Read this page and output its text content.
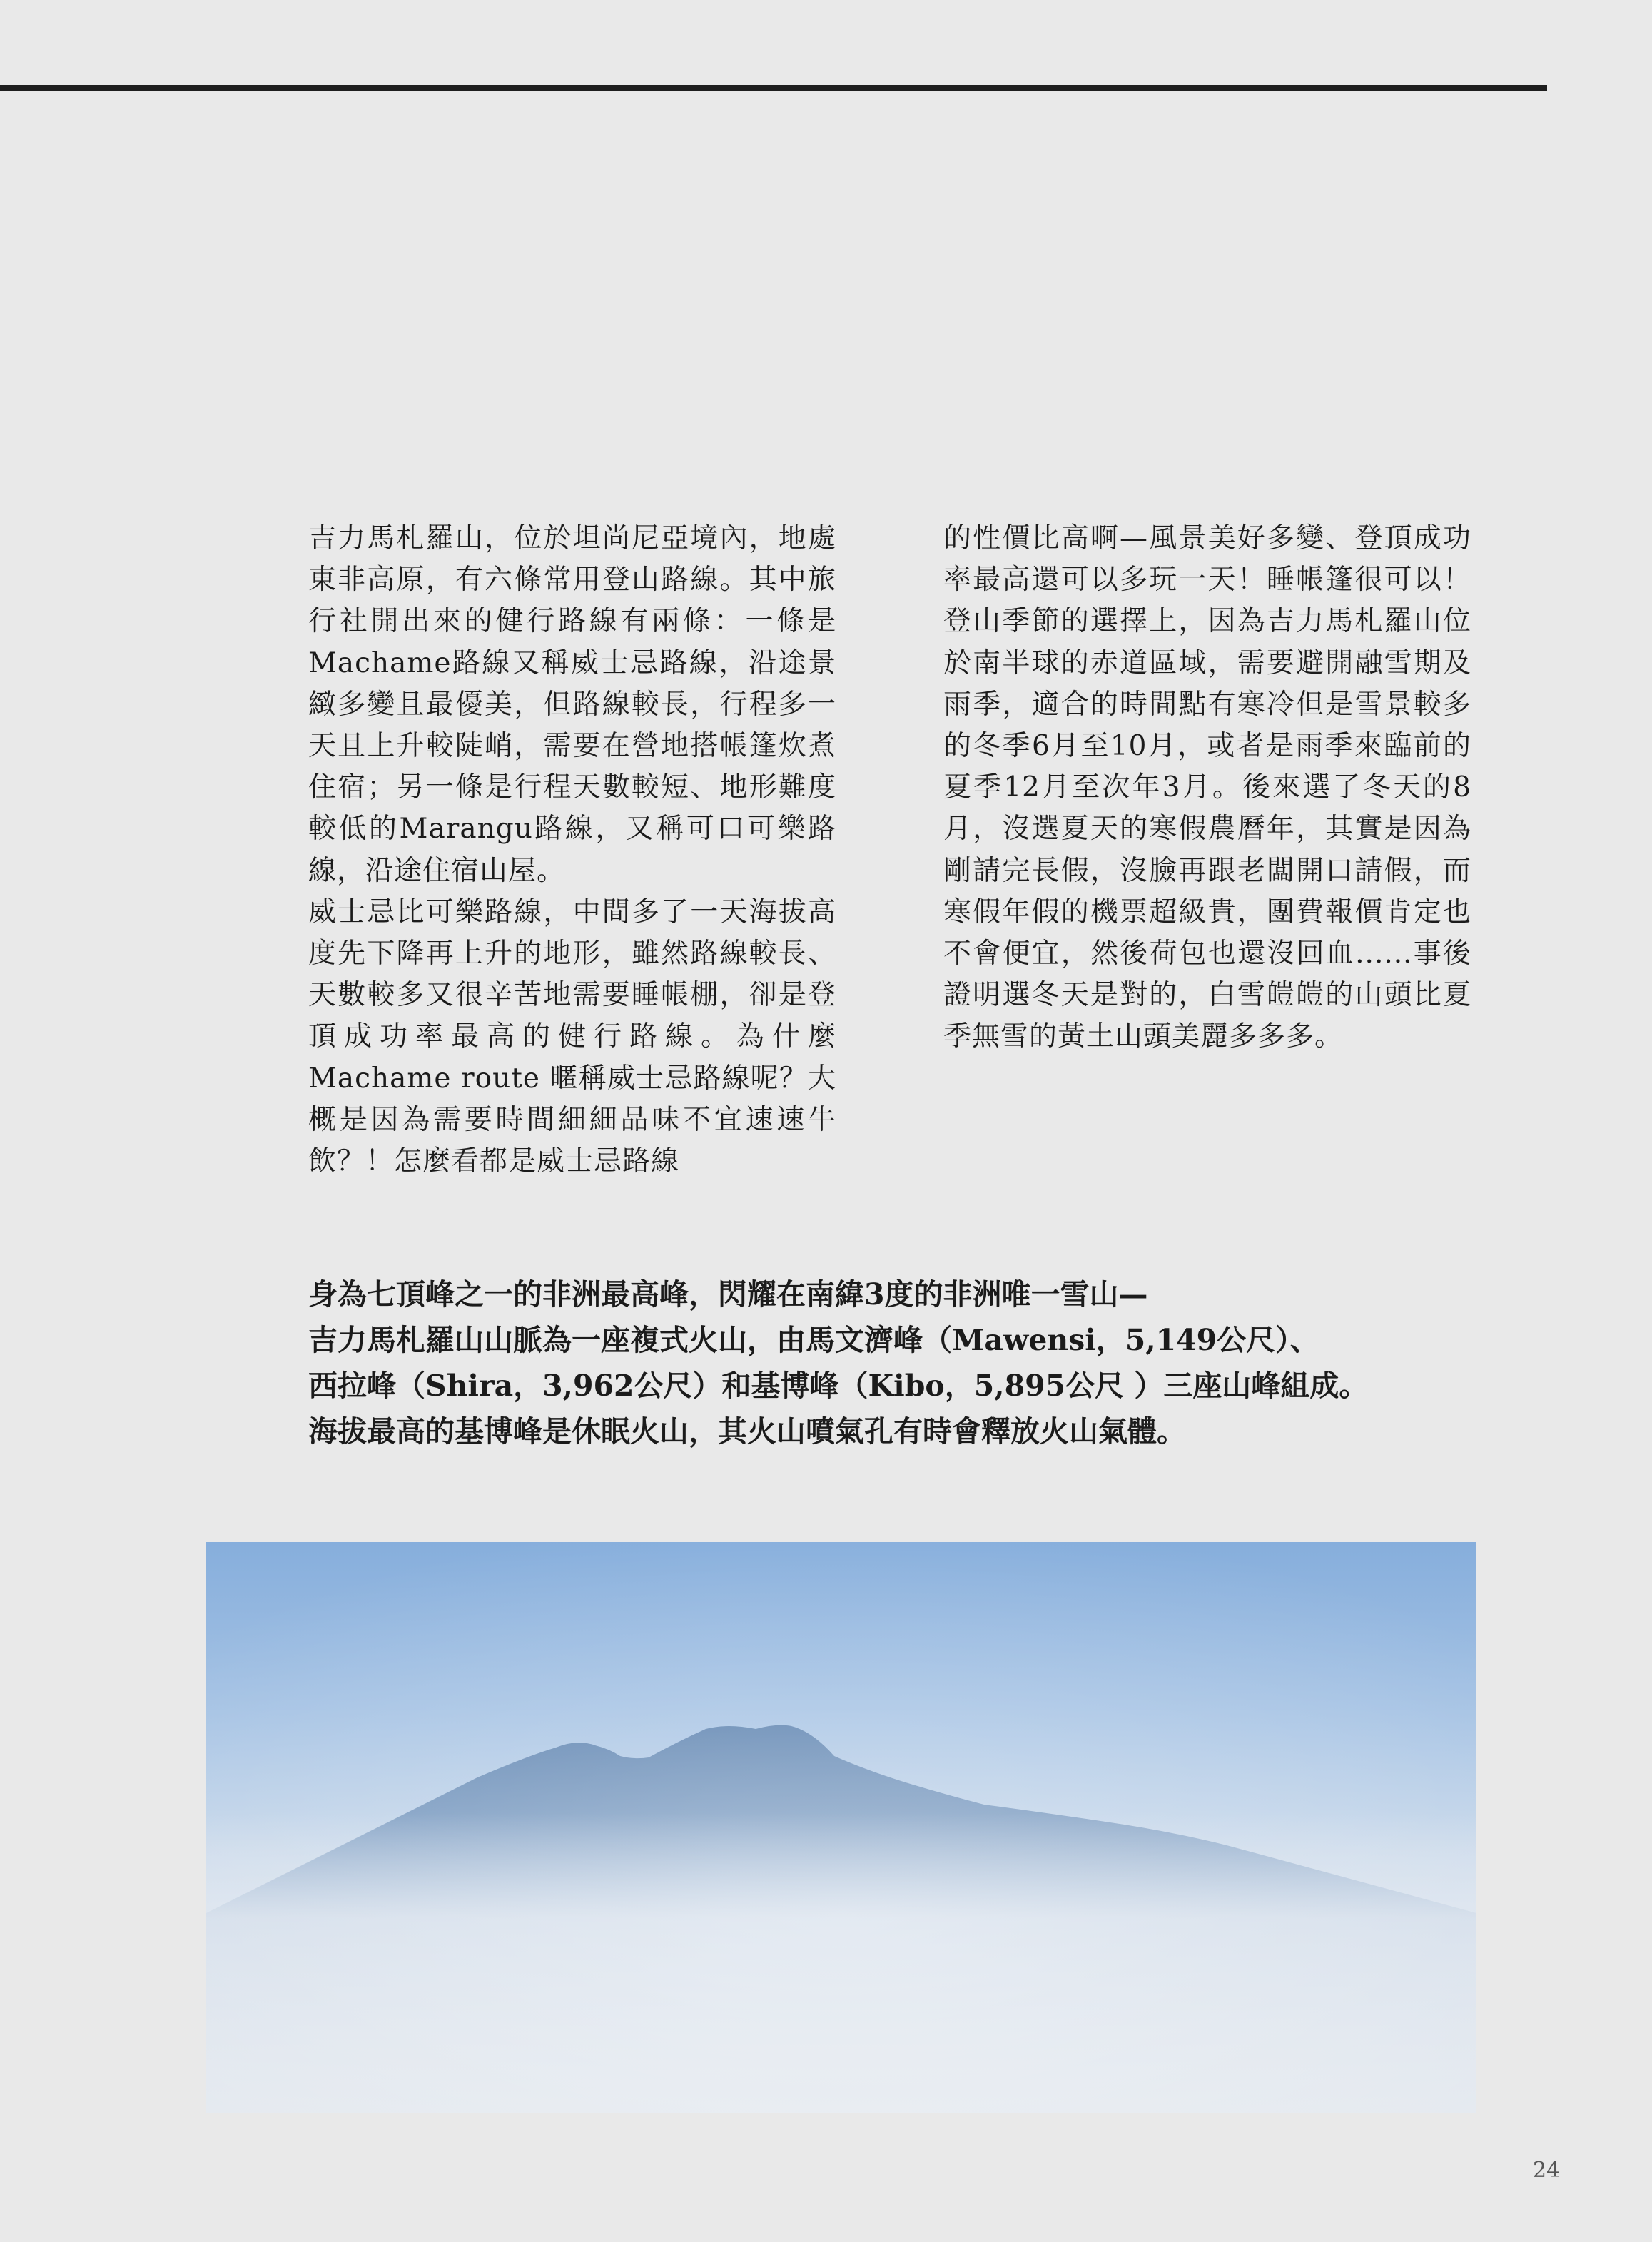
吉力馬札羅山，位於坦尚尼亞境內，地處東非高原，有六條常用登山路線。其中旅行社開出來的健行路線有兩條：一條是Machame路線又稱威士忌路線，沿途景緻多變且最優美，但路線較長，行程多一天且上升較陡峭，需要在營地搭帳篷炊煮住宿；另一條是行程天數較短、地形難度較低的Marangu路線，又稱可口可樂路線，沿途住宿山屋。

威士忌比可樂路線，中間多了一天海拔高度先下降再上升的地形，雖然路線較長、天數較多又很辛苦地需要睡帳棚，卻是登頂成功率最高的健行路線。為什麼 Machame route 暱稱威士忌路線呢？大概是因為需要時間細細品味不宜速速牛飲？！怎麼看都是威士忌路線

的性價比高啊—風景美好多變、登頂成功率最高還可以多玩一天！睡帳篷很可以！登山季節的選擇上，因為吉力馬札羅山位於南半球的赤道區域，需要避開融雪期及雨季，適合的時間點有寒冷但是雪景較多的冬季6月至10月，或者是雨季來臨前的夏季12月至次年3月。後來選了冬天的8月，沒選夏天的寒假農曆年，其實是因為剛請完長假，沒臉再跟老闆開口請假，而寒假年假的機票超級貴，團費報價肯定也不會便宜，然後荷包也還沒回血......事後證明選冬天是對的，白雪皚皚的山頭比夏季無雪的黃土山頭美麗多多多。

身為七頂峰之一的非洲最高峰，閃耀在南緯3度的非洲唯一雪山—

吉力馬札羅山山脈為一座複式火山，由馬文濟峰（Mawensi，5,149公尺）、

西拉峰（Shira，3,962公尺）和基博峰（Kibo，5,895公尺 ）三座山峰組成。

海拔最高的基博峰是休眠火山，其火山噴氣孔有時會釋放火山氣體。

24
